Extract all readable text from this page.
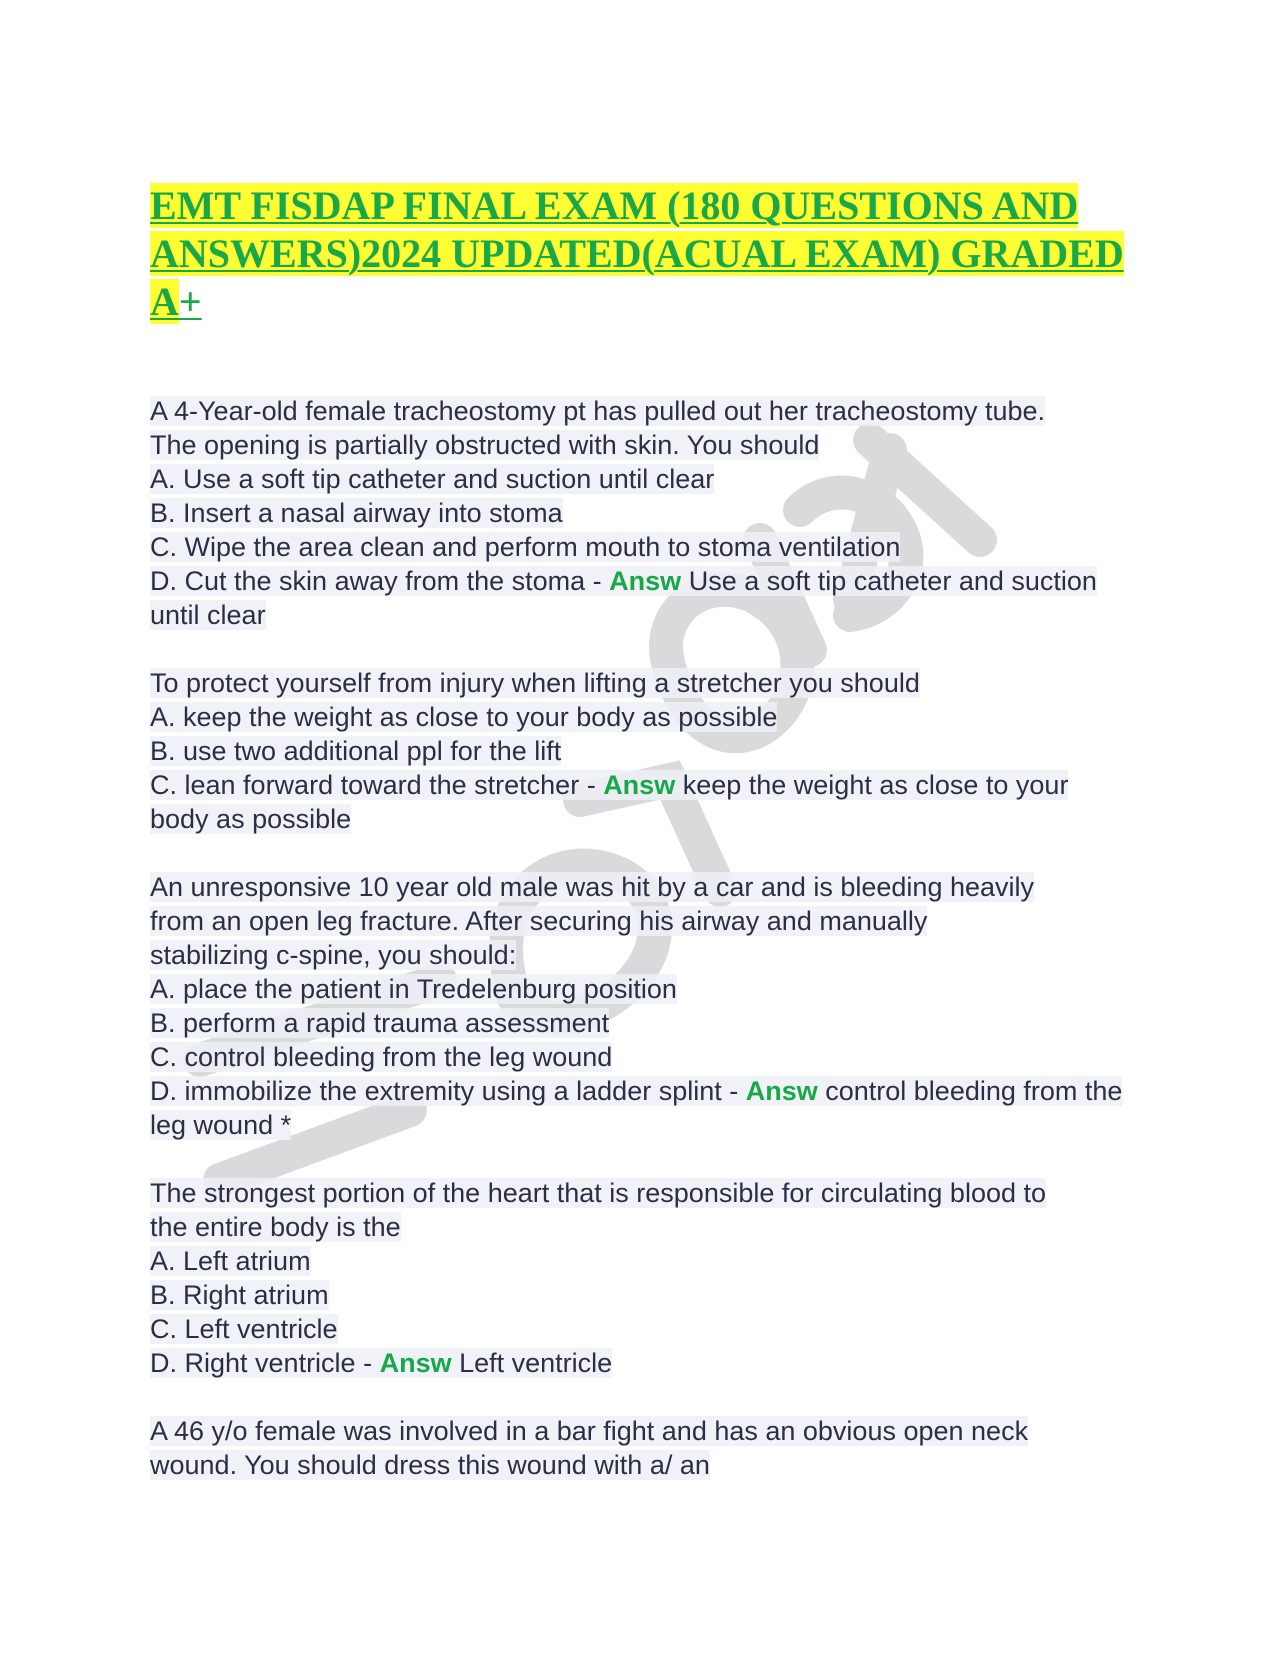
EMT FISDAP FINAL EXAM (180 QUESTIONS AND ANSWERS)2024 UPDATED(ACUAL EXAM) GRADED A+
A 4-Year-old female tracheostomy pt has pulled out her tracheostomy tube.
The opening is partially obstructed with skin. You should
A. Use a soft tip catheter and suction until clear
B. Insert a nasal airway into stoma
C. Wipe the area clean and perform mouth to stoma ventilation
D. Cut the skin away from the stoma - Answ Use a soft tip catheter and suction until clear
To protect yourself from injury when lifting a stretcher you should
A. keep the weight as close to your body as possible
B. use two additional ppl for the lift
C. lean forward toward the stretcher - Answ keep the weight as close to your body as possible
An unresponsive 10 year old male was hit by a car and is bleeding heavily
from an open leg fracture. After securing his airway and manually
stabilizing c-spine, you should:
A. place the patient in Tredelenburg position
B. perform a rapid trauma assessment
C. control bleeding from the leg wound
D. immobilize the extremity using a ladder splint - Answ control bleeding from the leg wound *
The strongest portion of the heart that is responsible for circulating blood to
the entire body is the
A. Left atrium
B. Right atrium
C. Left ventricle
D. Right ventricle - Answ Left ventricle
A 46 y/o female was involved in a bar fight and has an obvious open neck
wound. You should dress this wound with a/ an
